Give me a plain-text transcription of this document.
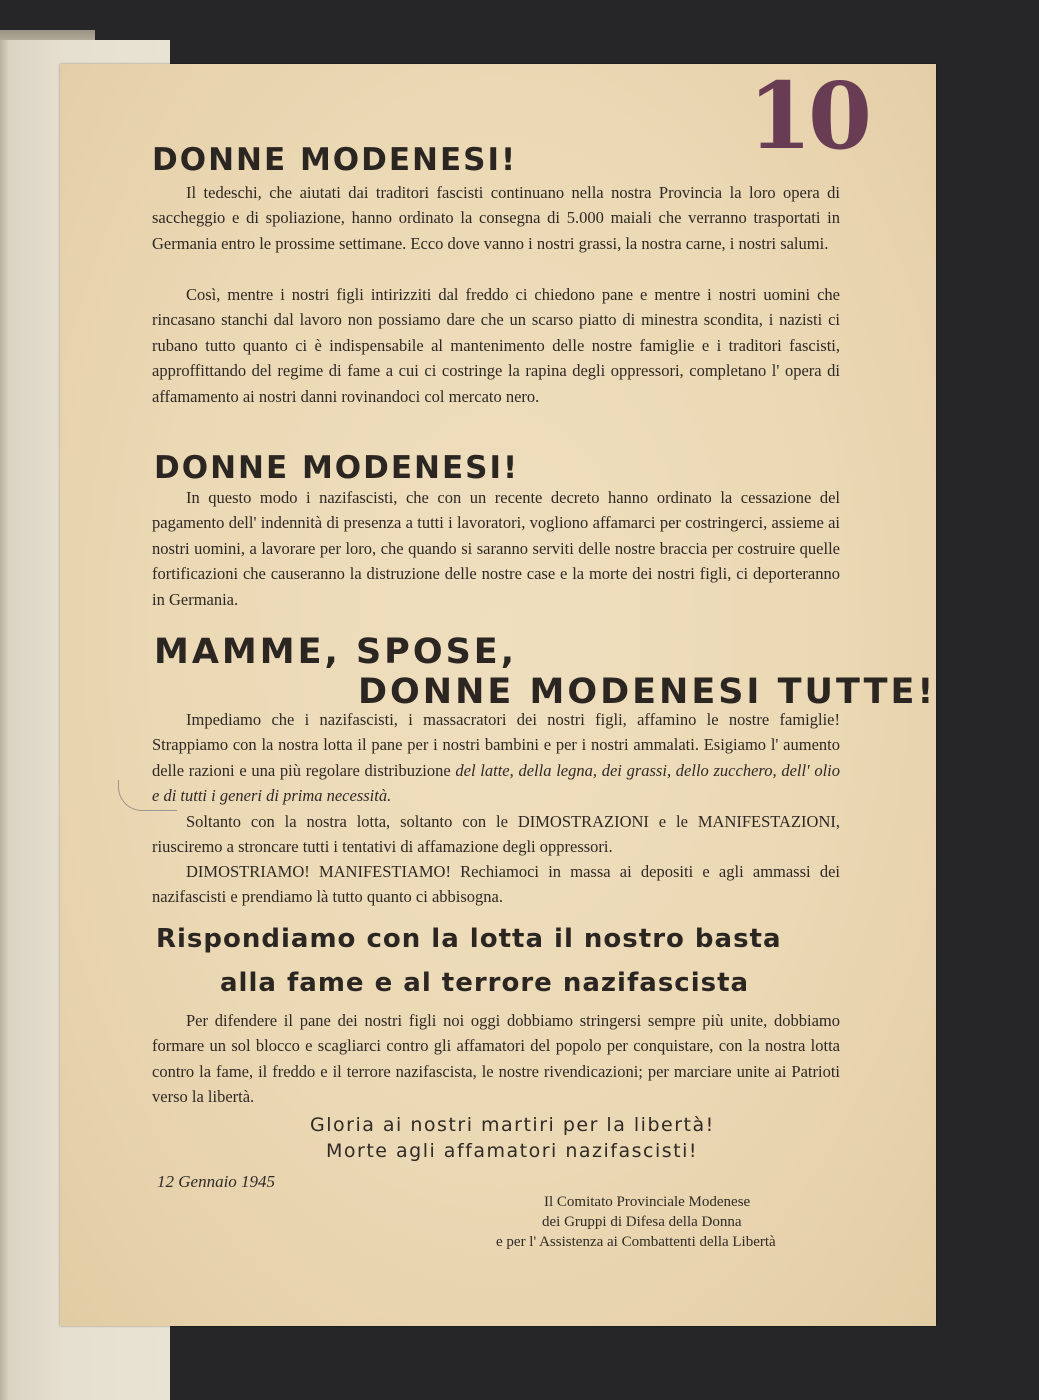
10
DONNE MODENESI!
Il tedeschi, che aiutati dai traditori fascisti continuano nella nostra Provincia la loro opera di saccheggio e di spoliazione, hanno ordinato la consegna di 5.000 maiali che verranno trasportati in Germania entro le prossime settimane. Ecco dove vanno i nostri grassi, la nostra carne, i nostri salumi.
Così, mentre i nostri figli intirizziti dal freddo ci chiedono pane e mentre i nostri uomini che rincasano stanchi dal lavoro non possiamo dare che un scarso piatto di minestra scondita, i nazisti ci rubano tutto quanto ci è indispensabile al mantenimento delle nostre famiglie e i traditori fascisti, approffittando del regime di fame a cui ci costringe la rapina degli oppressori, completano l' opera di affamamento ai nostri danni rovinandoci col mercato nero.
DONNE MODENESI!
In questo modo i nazifascisti, che con un recente decreto hanno ordinato la cessazione del pagamento dell' indennità di presenza a tutti i lavoratori, vogliono affamarci per costringerci, assieme ai nostri uomini, a lavorare per loro, che quando si saranno serviti delle nostre braccia per costruire quelle fortificazioni che causeranno la distruzione delle nostre case e la morte dei nostri figli, ci deporteranno in Germania.
MAMME, SPOSE,
DONNE MODENESI TUTTE!
Impediamo che i nazifascisti, i massacratori dei nostri figli, affamino le nostre famiglie! Strappiamo con la nostra lotta il pane per i nostri bambini e per i nostri ammalati. Esigiamo l' aumento delle razioni e una più regolare distribuzione del latte, della legna, dei grassi, dello zucchero, dell' olio e di tutti i generi di prima necessità.
Soltanto con la nostra lotta, soltanto con le DIMOSTRAZIONI e le MANIFESTAZIONI, riusciremo a stroncare tutti i tentativi di affamazione degli oppressori.
DIMOSTRIAMO! MANIFESTIAMO! Rechiamoci in massa ai depositi e agli ammassi dei nazifascisti e prendiamo là tutto quanto ci abbisogna.
Rispondiamo con la lotta il nostro basta
alla fame e al terrore nazifascista
Per difendere il pane dei nostri figli noi oggi dobbiamo stringersi sempre più unite, dobbiamo formare un sol blocco e scagliarci contro gli affamatori del popolo per conquistare, con la nostra lotta contro la fame, il freddo e il terrore nazifascista, le nostre rivendicazioni; per marciare unite ai Patrioti verso la libertà.
Gloria ai nostri martiri per la libertà!
Morte agli affamatori nazifascisti!
12 Gennaio 1945
Il Comitato Provinciale Modenese
dei Gruppi di Difesa della Donna
e per l' Assistenza ai Combattenti della Libertà
